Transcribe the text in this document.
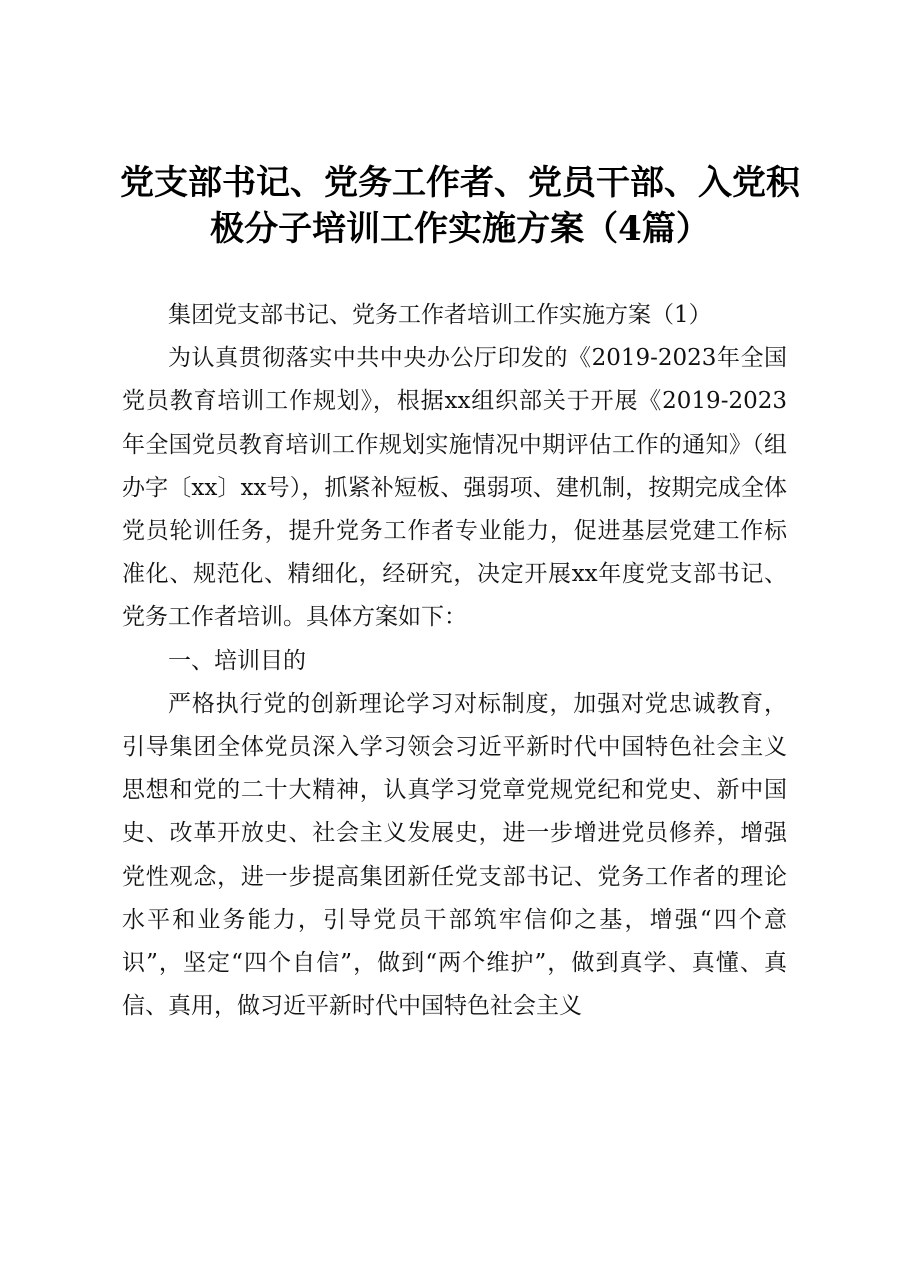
党支部书记、党务工作者、党员干部、入党积
极分子培训工作实施方案（4篇）

集团党支部书记、党务工作者培训工作实施方案（1）

为认真贯彻落实中共中央办公厅印发的《2019-2023年全国党员教育培训工作规划》，根据xx组织部关于开展《2019-2023年全国党员教育培训工作规划实施情况中期评估工作的通知》（组办字〔xx〕xx号），抓紧补短板、强弱项、建机制，按期完成全体党员轮训任务，提升党务工作者专业能力，促进基层党建工作标准化、规范化、精细化，经研究，决定开展xx年度党支部书记、党务工作者培训。具体方案如下：

一、培训目的

严格执行党的创新理论学习对标制度，加强对党忠诚教育，引导集团全体党员深入学习领会习近平新时代中国特色社会主义思想和党的二十大精神，认真学习党章党规党纪和党史、新中国史、改革开放史、社会主义发展史，进一步增进党员修养，增强党性观念，进一步提高集团新任党支部书记、党务工作者的理论水平和业务能力，引导党员干部筑牢信仰之基，增强“四个意识”，坚定“四个自信”，做到“两个维护”，做到真学、真懂、真信、真用，做习近平新时代中国特色社会主义
